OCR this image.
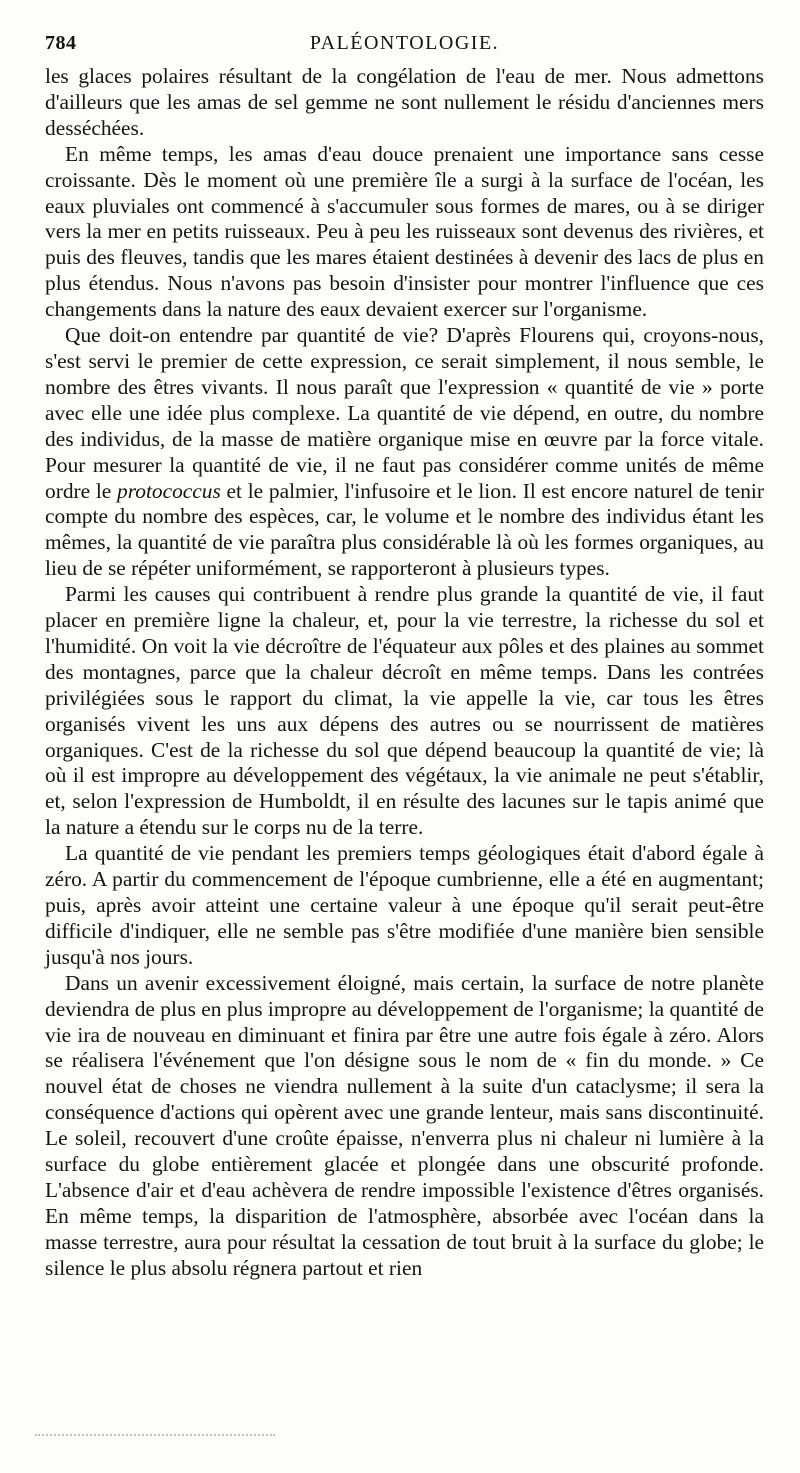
784	PALÉONTOLOGIE.

les glaces polaires résultant de la congélation de l'eau de mer. Nous admettons d'ailleurs que les amas de sel gemme ne sont nullement le résidu d'anciennes mers desséchées.

En même temps, les amas d'eau douce prenaient une importance sans cesse croissante. Dès le moment où une première île a surgi à la surface de l'océan, les eaux pluviales ont commencé à s'accumuler sous formes de mares, ou à se diriger vers la mer en petits ruisseaux. Peu à peu les ruisseaux sont devenus des rivières, et puis des fleuves, tandis que les mares étaient destinées à devenir des lacs de plus en plus étendus. Nous n'avons pas besoin d'insister pour montrer l'influence que ces changements dans la nature des eaux devaient exercer sur l'organisme.

Que doit-on entendre par quantité de vie? D'après Flourens qui, croyons-nous, s'est servi le premier de cette expression, ce serait simplement, il nous semble, le nombre des êtres vivants. Il nous paraît que l'expression « quantité de vie » porte avec elle une idée plus complexe. La quantité de vie dépend, en outre, du nombre des individus, de la masse de matière organique mise en œuvre par la force vitale. Pour mesurer la quantité de vie, il ne faut pas considérer comme unités de même ordre le protococcus et le palmier, l'infusoire et le lion. Il est encore naturel de tenir compte du nombre des espèces, car, le volume et le nombre des individus étant les mêmes, la quantité de vie paraîtra plus considérable là où les formes organiques, au lieu de se répéter uniformément, se rapporteront à plusieurs types.

Parmi les causes qui contribuent à rendre plus grande la quantité de vie, il faut placer en première ligne la chaleur, et, pour la vie terrestre, la richesse du sol et l'humidité. On voit la vie décroître de l'équateur aux pôles et des plaines au sommet des montagnes, parce que la chaleur décroît en même temps. Dans les contrées privilégiées sous le rapport du climat, la vie appelle la vie, car tous les êtres organisés vivent les uns aux dépens des autres ou se nourrissent de matières organiques. C'est de la richesse du sol que dépend beaucoup la quantité de vie; là où il est impropre au développement des végétaux, la vie animale ne peut s'établir, et, selon l'expression de Humboldt, il en résulte des lacunes sur le tapis animé que la nature a étendu sur le corps nu de la terre.

La quantité de vie pendant les premiers temps géologiques était d'abord égale à zéro. A partir du commencement de l'époque cumbrienne, elle a été en augmentant; puis, après avoir atteint une certaine valeur à une époque qu'il serait peut-être difficile d'indiquer, elle ne semble pas s'être modifiée d'une manière bien sensible jusqu'à nos jours.

Dans un avenir excessivement éloigné, mais certain, la surface de notre planète deviendra de plus en plus impropre au développement de l'organisme; la quantité de vie ira de nouveau en diminuant et finira par être une autre fois égale à zéro. Alors se réalisera l'événement que l'on désigne sous le nom de « fin du monde. » Ce nouvel état de choses ne viendra nullement à la suite d'un cataclysme; il sera la conséquence d'actions qui opèrent avec une grande lenteur, mais sans discontinuité. Le soleil, recouvert d'une croûte épaisse, n'enverra plus ni chaleur ni lumière à la surface du globe entièrement glacée et plongée dans une obscurité profonde. L'absence d'air et d'eau achèvera de rendre impossible l'existence d'êtres organisés. En même temps, la disparition de l'atmosphère, absorbée avec l'océan dans la masse terrestre, aura pour résultat la cessation de tout bruit à la surface du globe; le silence le plus absolu régnera partout et rien
